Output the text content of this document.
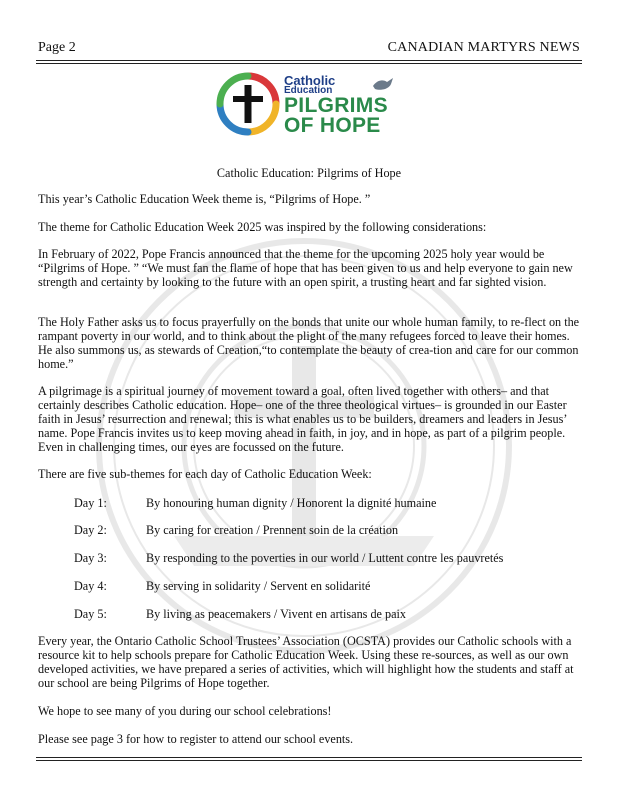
Page 2	CANADIAN MARTYRS NEWS
Catholic
Education
PILGRIMS
OF HOPE

Catholic Education: Pilgrims of Hope

This year’s Catholic Education Week theme is, “Pilgrims of Hope. ”

The theme for Catholic Education Week 2025 was inspired by the following considerations:

In February of 2022, Pope Francis announced that the theme for the upcoming 2025 holy year would be “Pilgrims of Hope. ” “We must fan the flame of hope that has been given to us and help everyone to gain new strength and certainty by looking to the future with an open spirit, a trusting heart and far sighted vision.

The Holy Father asks us to focus prayerfully on the bonds that unite our whole human family, to re-flect on the rampant poverty in our world, and to think about the plight of the many refugees forced to leave their homes. He also summons us, as stewards of Creation,“to contemplate the beauty of crea-tion and care for our common home.”

A pilgrimage is a spiritual journey of movement toward a goal, often lived together with others– and that certainly describes Catholic education. Hope– one of the three theological virtues– is grounded in our Easter faith in Jesus’ resurrection and renewal; this is what enables us to be builders, dreamers and leaders in Jesus’ name. Pope Francis invites us to keep moving ahead in faith, in joy, and in hope, as part of a pilgrim people. Even in challenging times, our eyes are focussed on the future.

There are five sub-themes for each day of Catholic Education Week:

Every year, the Ontario Catholic School Trustees’ Association (OCSTA) provides our Catholic schools with a resource kit to help schools prepare for Catholic Education Week. Using these re-sources, as well as our own developed activities, we have prepared a series of activities, which will highlight how the students and staff at our school are being Pilgrims of Hope together.

We hope to see many of you during our school celebrations!

Please see page 3 for how to register to attend our school events.

Day 1:	By honouring human dignity / Honorent la dignité humaine
Day 2:	By caring for creation / Prennent soin de la création
Day 3:	By responding to the poverties in our world / Luttent contre les pauvretés
Day 4:	By serving in solidarity / Servent en solidarité
Day 5:	By living as peacemakers / Vivent en artisans de paix
